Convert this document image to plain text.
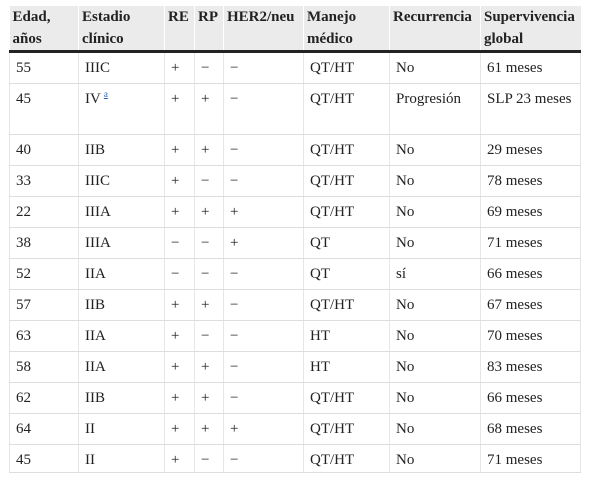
Edad, años	Estadio clínico	RE	RP	HER2/neu	Manejo médico	Recurrencia	Supervivencia global
55	IIIC	+	−	−	QT/HT	No	61 meses
45	IV $^a$	+	+	−	QT/HT	Progresión	SLP 23 meses
40	IIB	+	+	−	QT/HT	No	29 meses
33	IIIC	+	−	−	QT/HT	No	78 meses
22	IIIA	+	+	+	QT/HT	No	69 meses
38	IIIA	−	−	+	QT	No	71 meses
52	IIA	−	−	−	QT	sí	66 meses
57	IIB	+	+	−	QT/HT	No	67 meses
63	IIA	+	−	−	HT	No	70 meses
58	IIA	+	+	−	HT	No	83 meses
62	IIB	+	+	−	QT/HT	No	66 meses
64	II	+	+	+	QT/HT	No	68 meses
45	II	+	−	−	QT/HT	No	71 meses
